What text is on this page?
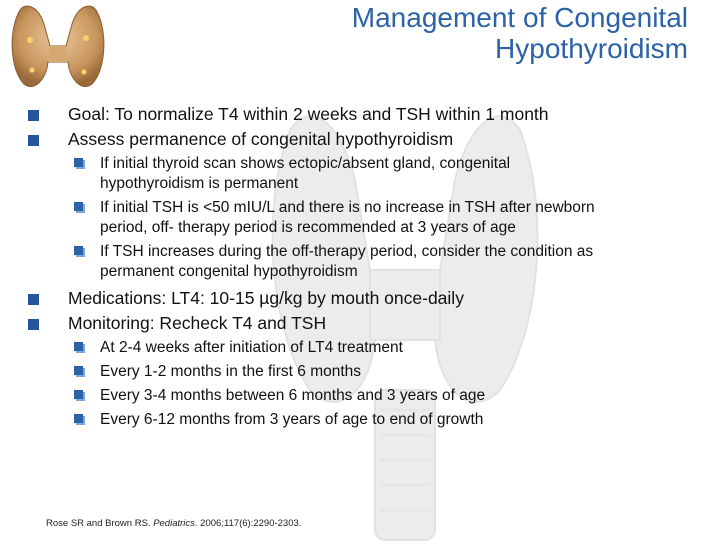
Management of Congenital
Hypothyroidism
Goal: To normalize T4 within 2 weeks and TSH within 1 month
Assess permanence of congenital hypothyroidism
If initial thyroid scan shows ectopic/absent gland, congenital
hypothyroidism is permanent
If initial TSH is <50 mIU/L and there is no increase in TSH after newborn
period, off- therapy period is recommended at 3 years of age
If TSH increases during the off-therapy period, consider the condition as
permanent congenital hypothyroidism
Medications: LT4: 10-15 µg/kg by mouth once-daily
Monitoring: Recheck T4 and TSH
At 2-4 weeks after initiation of LT4 treatment
Every 1-2 months in the first 6 months
Every 3-4 months between 6 months and 3 years of age
Every 6-12 months from 3 years of age to end of growth
Rose SR and Brown RS. Pediatrics. 2006;117(6):2290-2303.
